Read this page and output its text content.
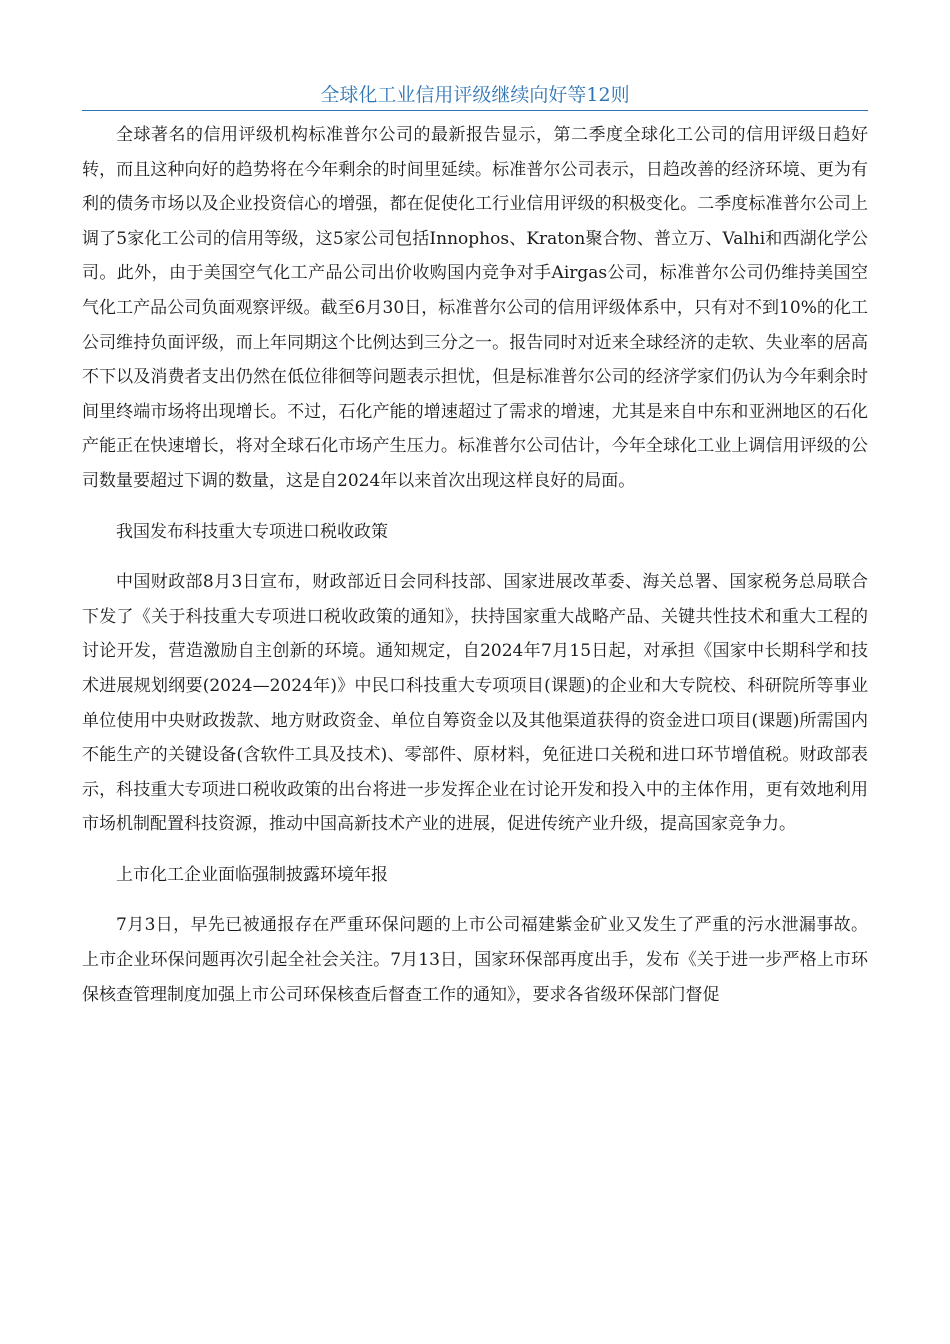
全球化工业信用评级继续向好等12则

全球著名的信用评级机构标准普尔公司的最新报告显示，第二季度全球化工公司的信用评级日趋好转，而且这种向好的趋势将在今年剩余的时间里延续。标准普尔公司表示，日趋改善的经济环境、更为有利的债务市场以及企业投资信心的增强，都在促使化工行业信用评级的积极变化。二季度标准普尔公司上调了5家化工公司的信用等级，这5家公司包括Innophos、Kraton聚合物、普立万、Valhi和西湖化学公司。此外，由于美国空气化工产品公司出价收购国内竞争对手Airgas公司，标准普尔公司仍维持美国空气化工产品公司负面观察评级。截至6月30日，标准普尔公司的信用评级体系中，只有对不到10%的化工公司维持负面评级，而上年同期这个比例达到三分之一。报告同时对近来全球经济的走软、失业率的居高不下以及消费者支出仍然在低位徘徊等问题表示担忧，但是标准普尔公司的经济学家们仍认为今年剩余时间里终端市场将出现增长。不过，石化产能的增速超过了需求的增速，尤其是来自中东和亚洲地区的石化产能正在快速增长，将对全球石化市场产生压力。标准普尔公司估计，今年全球化工业上调信用评级的公司数量要超过下调的数量，这是自2024年以来首次出现这样良好的局面。

我国发布科技重大专项进口税收政策

中国财政部8月3日宣布，财政部近日会同科技部、国家进展改革委、海关总署、国家税务总局联合下发了《关于科技重大专项进口税收政策的通知》，扶持国家重大战略产品、关键共性技术和重大工程的讨论开发，营造激励自主创新的环境。通知规定，自2024年7月15日起，对承担《国家中长期科学和技术进展规划纲要(2024—2024年)》中民口科技重大专项项目(课题)的企业和大专院校、科研院所等事业单位使用中央财政拨款、地方财政资金、单位自筹资金以及其他渠道获得的资金进口项目(课题)所需国内不能生产的关键设备(含软件工具及技术)、零部件、原材料，免征进口关税和进口环节增值税。财政部表示，科技重大专项进口税收政策的出台将进一步发挥企业在讨论开发和投入中的主体作用，更有效地利用市场机制配置科技资源，推动中国高新技术产业的进展，促进传统产业升级，提高国家竞争力。

上市化工企业面临强制披露环境年报

7月3日，早先已被通报存在严重环保问题的上市公司福建紫金矿业又发生了严重的污水泄漏事故。上市企业环保问题再次引起全社会关注。7月13日，国家环保部再度出手，发布《关于进一步严格上市环保核查管理制度加强上市公司环保核查后督查工作的通知》，要求各省级环保部门督促
